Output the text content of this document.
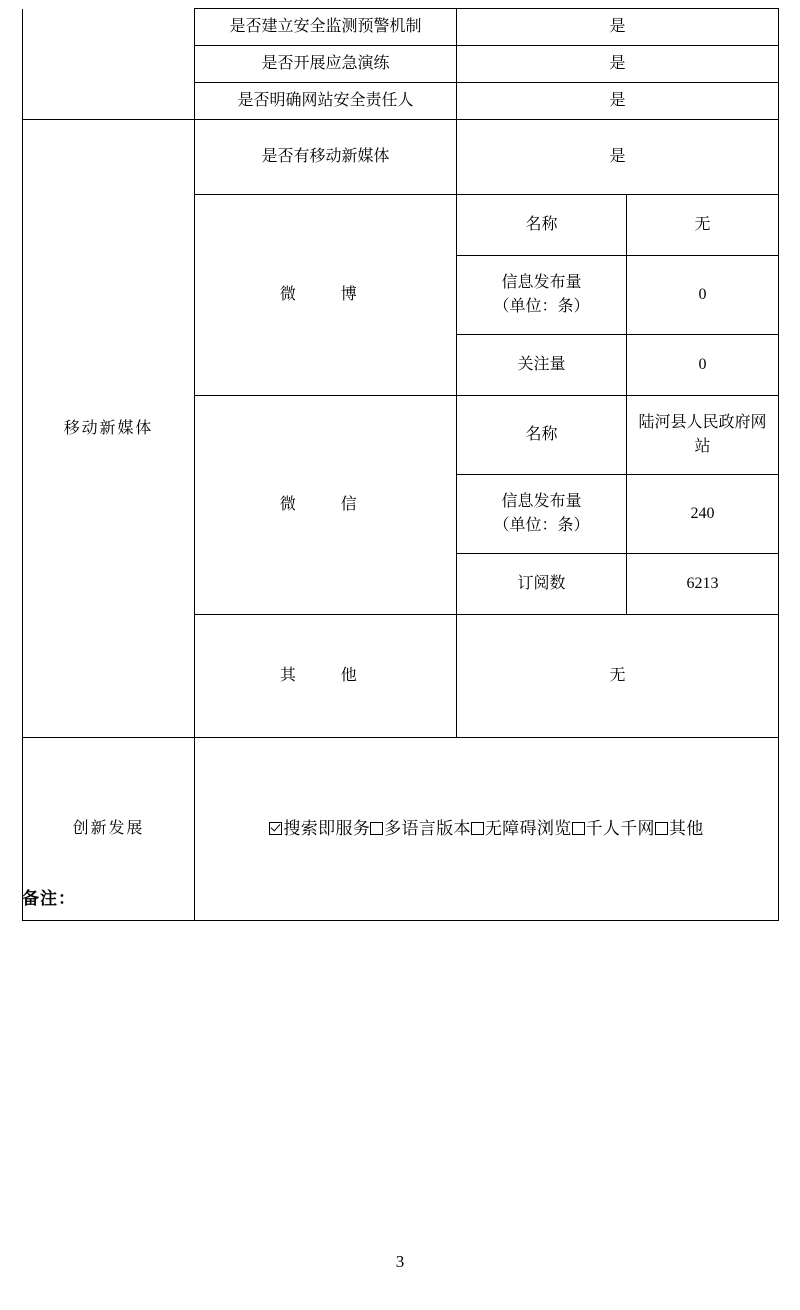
	是否建立安全监测预警机制	是	
	是否开展应急演练	是	
	是否明确网站安全责任人	是	
移动新媒体	是否有移动新媒体	是	
	微　博	名称	无

		信息发布量
（单位：条）	0
		关注量	0
	微　信	名称	陆河县人民政府网站

		信息发布量
（单位：条）	240
		订阅数	6213
	其　他	无	
创新发展	搜索即服务 多语言版本 无障碍浏览 千人千网 其他		
备注：
3
